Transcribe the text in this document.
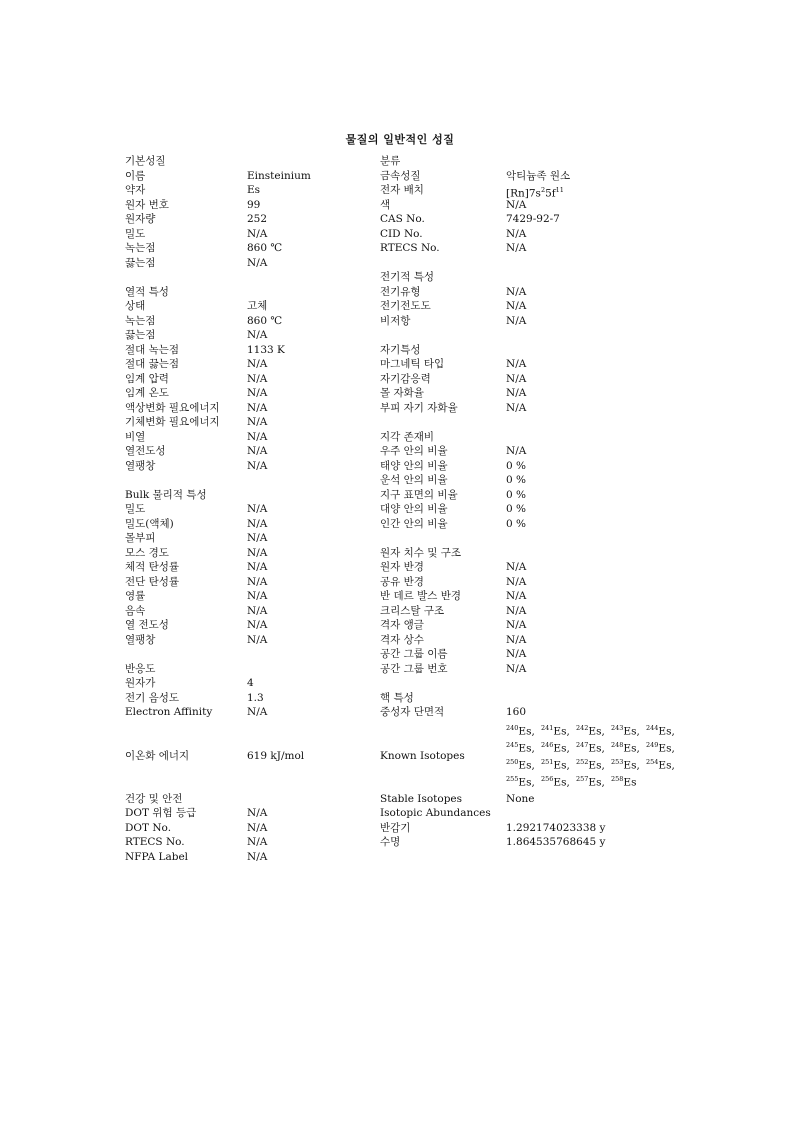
물질의 일반적인 성질
기본성질
이름	Einsteinium
약자	Es
원자 번호	99
원자량	252
밀도	N/A
녹는점	860 ℃
끓는점	N/A
열적 특성
상태	고체
녹는점	860 ℃
끓는점	N/A
절대 녹는점	1133 K
절대 끓는점	N/A
임계 압력	N/A
임계 온도	N/A
액상변화 필요에너지	N/A
기체변화 필요에너지	N/A
비열	N/A
열전도성	N/A
열팽창	N/A
Bulk 물리적 특성
밀도	N/A
밀도(액체)	N/A
몰부피	N/A
모스 경도	N/A
체적 탄성률	N/A
전단 탄성률	N/A
영률	N/A
음속	N/A
열 전도성	N/A
열팽창	N/A
반응도
원자가	4
전기 음성도	1.3
Electron Affinity	N/A
이온화 에너지	619 kJ/mol
건강 및 안전
DOT 위험 등급	N/A
DOT No.	N/A
RTECS No.	N/A
NFPA Label	N/A
분류
금속성질	악티늄족 원소
전자 배치	$[Rn]7s^25f^{11}$
색	N/A
CAS No.	7429-92-7
CID No.	N/A
RTECS No.	N/A
전기적 특성
전기유형	N/A
전기전도도	N/A
비저항	N/A
자기특성
마그네틱 타입	N/A
자기감응력	N/A
몰 자화율	N/A
부피 자기 자화율	N/A
지각 존재비
우주 안의 비율	N/A
태양 안의 비율	0 %
운석 안의 비율	0 %
지구 표면의 비율	0 %
대양 안의 비율	0 %
인간 안의 비율	0 %
원자 치수 및 구조
원자 반경	N/A
공유 반경	N/A
반 데르 발스 반경	N/A
크리스탈 구조	N/A
격자 앵글	N/A
격자 상수	N/A
공간 그룹 이름	N/A
공간 그룹 번호	N/A
핵 특성
중성자 단면적	160
Known Isotopes
$^{240}$Es, $^{241}$Es, $^{242}$Es, $^{243}$Es, $^{244}$Es,
$^{245}$Es, $^{246}$Es, $^{247}$Es, $^{248}$Es, $^{249}$Es,
$^{250}$Es, $^{251}$Es, $^{252}$Es, $^{253}$Es, $^{254}$Es,
$^{255}$Es, $^{256}$Es, $^{257}$Es, $^{258}$Es
Stable Isotopes	None
Isotopic Abundances
반감기	1.292174023338 y
수명	1.864535768645 y
